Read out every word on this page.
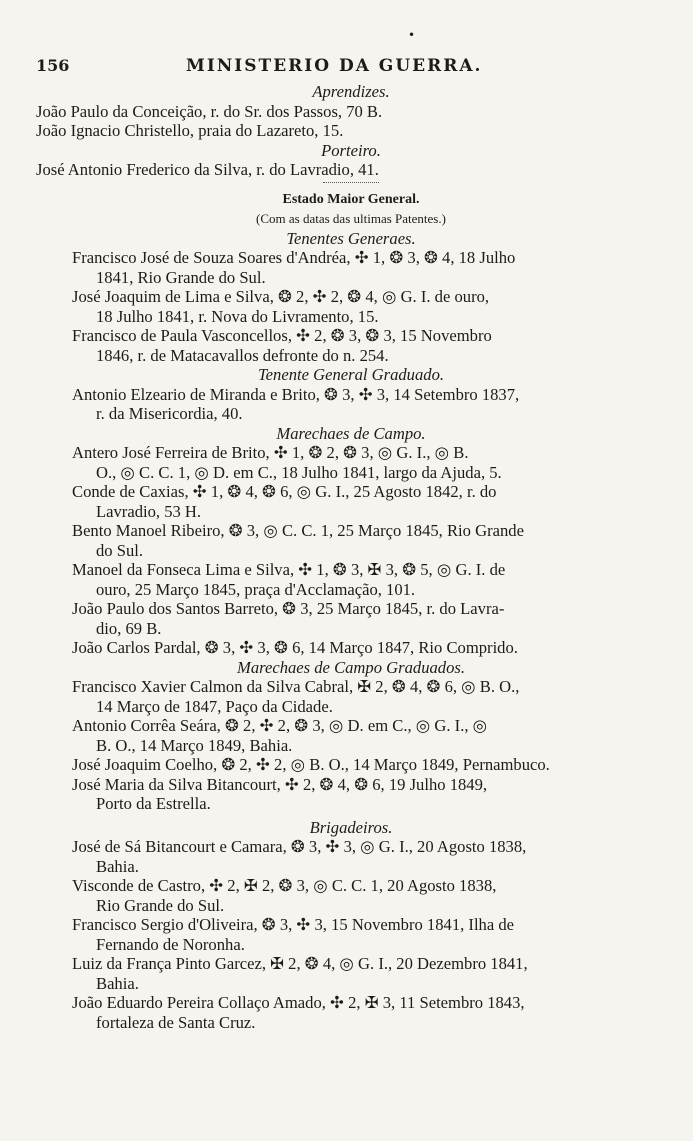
•
156	MINISTERIO DA GUERRA.
Aprendizes.
João Paulo da Conceição, r. do Sr. dos Passos, 70 B.
João Ignacio Christello, praia do Lazareto, 15.
Porteiro.
José Antonio Frederico da Silva, r. do Lavradio, 41.
Estado Maior General.
(Com as datas das ultimas Patentes.)
Tenentes Generaes.
Francisco José de Souza Soares d'Andréa, ✣ 1, ❂ 3, ❂ 4, 18 Julho
1841, Rio Grande do Sul.
José Joaquim de Lima e Silva, ❂ 2, ✣ 2, ❂ 4, ◎ G. I. de ouro,
18 Julho 1841, r. Nova do Livramento, 15.
Francisco de Paula Vasconcellos, ✣ 2, ❂ 3, ❂ 3, 15 Novembro
1846, r. de Matacavallos defronte do n. 254.
Tenente General Graduado.
Antonio Elzeario de Miranda e Brito, ❂ 3, ✣ 3, 14 Setembro 1837,
r. da Misericordia, 40.
Marechaes de Campo.
Antero José Ferreira de Brito, ✣ 1, ❂ 2, ❂ 3, ◎ G. I., ◎ B.
O., ◎ C. C. 1, ◎ D. em C., 18 Julho 1841, largo da Ajuda, 5.
Conde de Caxias, ✣ 1, ❂ 4, ❂ 6, ◎ G. I., 25 Agosto 1842, r. do
Lavradio, 53 H.
Bento Manoel Ribeiro, ❂ 3, ◎ C. C. 1, 25 Março 1845, Rio Grande
do Sul.
Manoel da Fonseca Lima e Silva, ✣ 1, ❂ 3, ✠ 3, ❂ 5, ◎ G. I. de
ouro, 25 Março 1845, praça d'Acclamação, 101.
João Paulo dos Santos Barreto, ❂ 3, 25 Março 1845, r. do Lavra-
dio, 69 B.
João Carlos Pardal, ❂ 3, ✣ 3, ❂ 6, 14 Março 1847, Rio Comprido.
Marechaes de Campo Graduados.
Francisco Xavier Calmon da Silva Cabral, ✠ 2, ❂ 4, ❂ 6, ◎ B. O.,
14 Março de 1847, Paço da Cidade.
Antonio Corrêa Seára, ❂ 2, ✣ 2, ❂ 3, ◎ D. em C., ◎ G. I., ◎
B. O., 14 Março 1849, Bahia.
José Joaquim Coelho, ❂ 2, ✣ 2, ◎ B. O., 14 Março 1849, Pernambuco.
José Maria da Silva Bitancourt, ✣ 2, ❂ 4, ❂ 6, 19 Julho 1849,
Porto da Estrella.
Brigadeiros.
José de Sá Bitancourt e Camara, ❂ 3, ✣ 3, ◎ G. I., 20 Agosto 1838,
Bahia.
Visconde de Castro, ✣ 2, ✠ 2, ❂ 3, ◎ C. C. 1, 20 Agosto 1838,
Rio Grande do Sul.
Francisco Sergio d'Oliveira, ❂ 3, ✣ 3, 15 Novembro 1841, Ilha de
Fernando de Noronha.
Luiz da França Pinto Garcez, ✠ 2, ❂ 4, ◎ G. I., 20 Dezembro 1841,
Bahia.
João Eduardo Pereira Collaço Amado, ✣ 2, ✠ 3, 11 Setembro 1843,
fortaleza de Santa Cruz.
